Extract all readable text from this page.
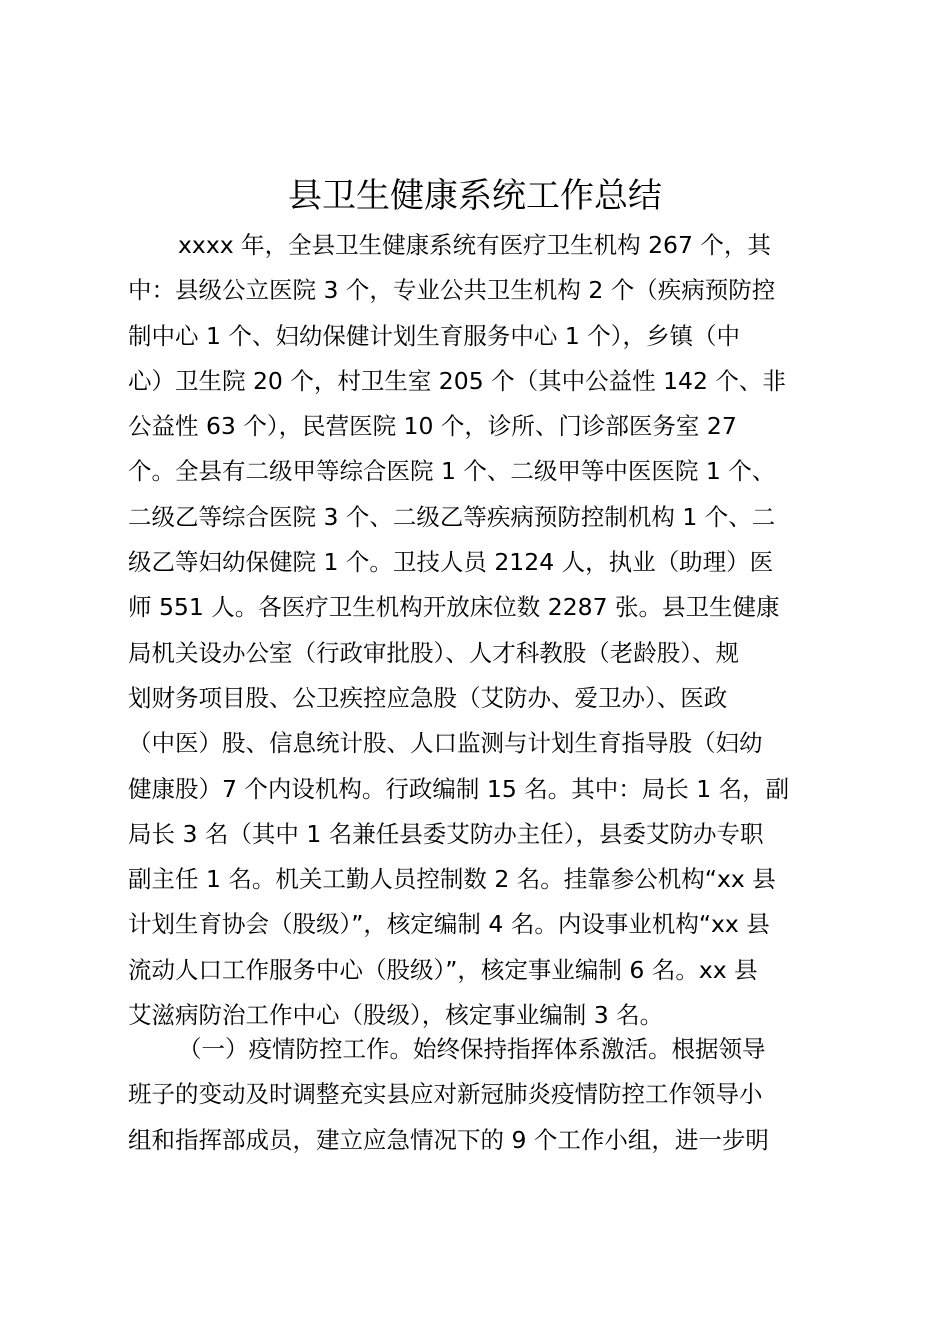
县卫生健康系统工作总结
xxxx 年，全县卫生健康系统有医疗卫生机构 267 个，其
中：县级公立医院 3 个，专业公共卫生机构 2 个（疾病预防控
制中心 1 个、妇幼保健计划生育服务中心 1 个），乡镇（中
心）卫生院 20 个，村卫生室 205 个（其中公益性 142 个、非
公益性 63 个），民营医院 10 个，诊所、门诊部医务室 27
个。全县有二级甲等综合医院 1 个、二级甲等中医医院 1 个、
二级乙等综合医院 3 个、二级乙等疾病预防控制机构 1 个、二
级乙等妇幼保健院 1 个。卫技人员 2124 人，执业（助理）医
师 551 人。各医疗卫生机构开放床位数 2287 张。县卫生健康
局机关设办公室（行政审批股）、人才科教股（老龄股）、规
划财务项目股、公卫疾控应急股（艾防办、爱卫办）、医政
（中医）股、信息统计股、人口监测与计划生育指导股（妇幼
健康股）7 个内设机构。行政编制 15 名。其中：局长 1 名，副
局长 3 名（其中 1 名兼任县委艾防办主任），县委艾防办专职
副主任 1 名。机关工勤人员控制数 2 名。挂靠参公机构“xx 县
计划生育协会（股级）”，核定编制 4 名。内设事业机构“xx 县
流动人口工作服务中心（股级）”，核定事业编制 6 名。xx 县
艾滋病防治工作中心（股级），核定事业编制 3 名。
（一）疫情防控工作。始终保持指挥体系激活。根据领导
班子的变动及时调整充实县应对新冠肺炎疫情防控工作领导小
组和指挥部成员，建立应急情况下的 9 个工作小组，进一步明
